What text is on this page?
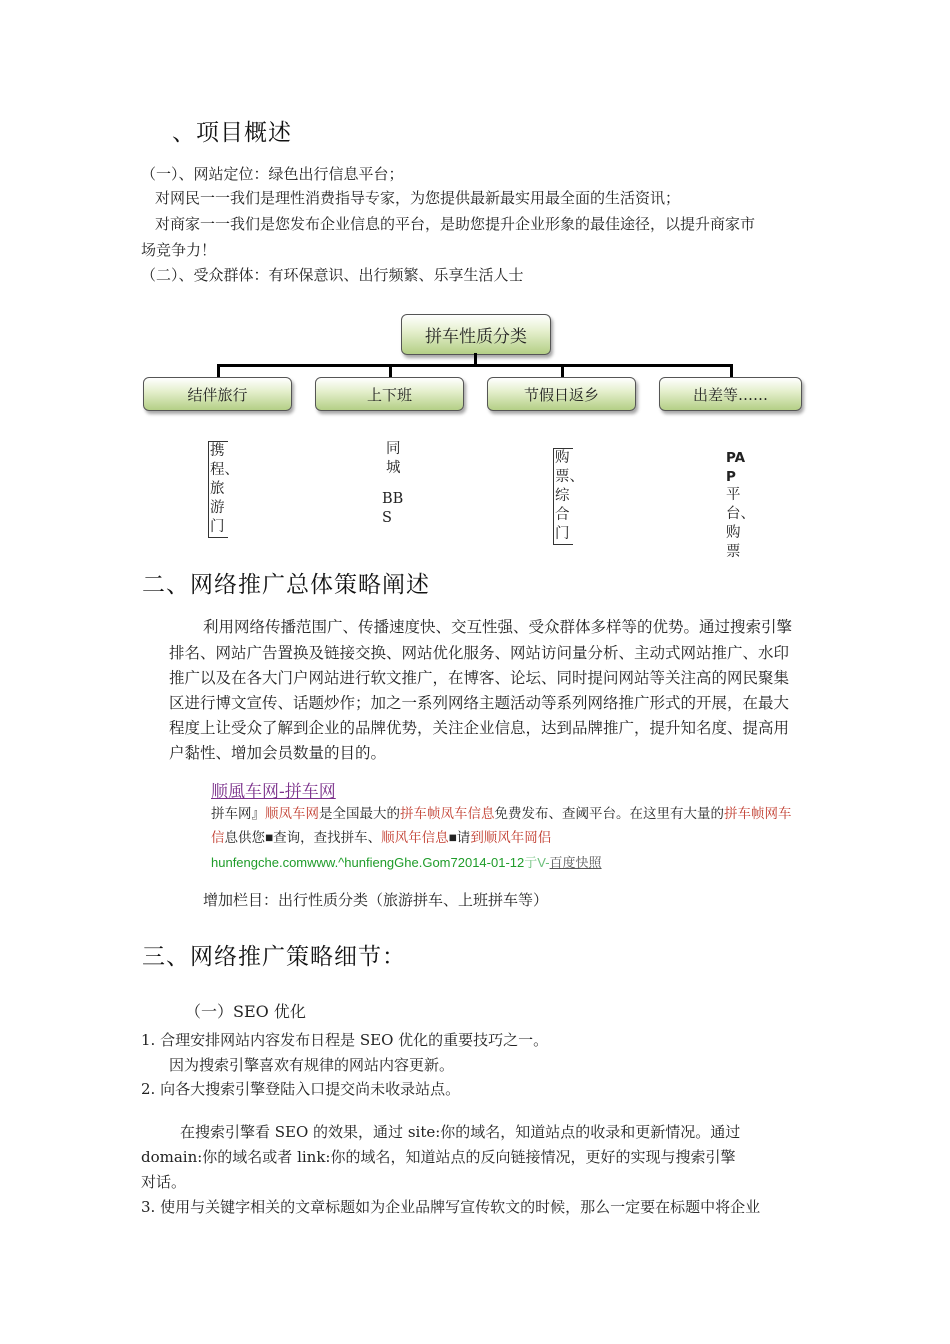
、项目概述
（一）、网站定位：绿色出行信息平台；
对网民一一我们是理性消费指导专家，为您提供最新最实用最全面的生活资讯；
对商家一一我们是您发布企业信息的平台，是助您提升企业形象的最佳途径，以提升商家市
场竞争力！
（二）、受众群体：有环保意识、出行频繁、乐享生活人士
拼车性质分类
结伴旅行	上下班	节假日返乡	出差等……
携程、旅游门
同城
BBS
购票、综合门
PAP
平台、购票
二、网络推广总体策略阐述
利用网络传播范围广、传播速度快、交互性强、受众群体多样等的优势。通过搜索引擎
排名、网站广告置换及链接交换、网站优化服务、网站访问量分析、主动式网站推广、水印
推广以及在各大门户网站进行软文推广，在博客、论坛、同时提问网站等关注高的网民聚集
区进行博文宣传、话题炒作；加之一系列网络主题活动等系列网络推广形式的开展，在最大
程度上让受众了解到企业的品牌优势，关注企业信息，达到品牌推广，提升知名度、提高用
户黏性、增加会员数量的目的。
顺風车网-拼车网
拼车网』顺凤车网是全国最大的拼车帧凤车信息免费发布、查阈平台。在这里有大量的拼车帧网车
信息供您■查询，查找拼车、顺风年信息■请到顺风年岡侣
hunfengche.comwww.^hunfiengGhe.Gom72014-01-12亍V-百度快照
增加栏目：出行性质分类（旅游拼车、上班拼车等）
三、网络推广策略细节：
（一）SEO 优化
1. 合理安排网站内容发布日程是 SEO 优化的重要技巧之一。
因为搜索引擎喜欢有规律的网站内容更新。
2. 向各大搜索引擎登陆入口提交尚未收录站点。
在搜索引擎看 SEO 的效果，通过 site:你的域名，知道站点的收录和更新情况。通过
domain:你的域名或者 link:你的域名，知道站点的反向链接情况，更好的实现与搜索引擎
对话。
3. 使用与关键字相关的文章标题如为企业品牌写宣传软文的时候，那么一定要在标题中将企业
